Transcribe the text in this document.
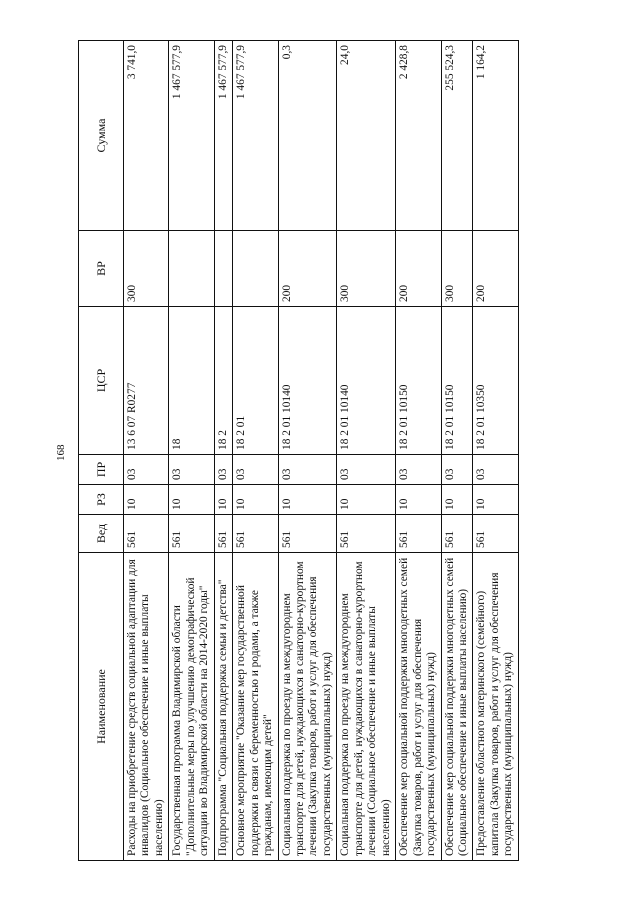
168
Наименование	Вед	РЗ	ПР	ЦСР	ВР	Сумма
Расходы на приобретение средств социальной адаптации для инвалидов (Социальное обеспечение и иные выплаты населению)	561	10	03	13 6 07 R0277	300	3 741,0
Государственная программа Владимирской области "Дополнительные меры по улучшению демографической ситуации во Владимирской области на 2014-2020 годы"	561	10	03	18		1 467 577,9
Подпрограмма "Социальная поддержка семьи и детства"	561	10	03	18 2		1 467 577,9
Основное мероприятие "Оказание мер государственной поддержки в связи с беременностью и родами, а также гражданам, имеющим детей"	561	10	03	18 2 01		1 467 577,9
Социальная поддержка по проезду на междугороднем транспорте для детей, нуждающихся в санаторно-курортном лечении (Закупка товаров, работ и услуг для обеспечения государственных (муниципальных) нужд)	561	10	03	18 2 01 10140	200	0,3
Социальная поддержка по проезду на междугороднем транспорте для детей, нуждающихся в санаторно-курортном лечении (Социальное обеспечение и иные выплаты населению)	561	10	03	18 2 01 10140	300	24,0
Обеспечение мер социальной поддержки многодетных семей (Закупка товаров, работ и услуг для обеспечения государственных (муниципальных) нужд)	561	10	03	18 2 01 10150	200	2 428,8
Обеспечение мер социальной поддержки многодетных семей (Социальное обеспечение и иные выплаты населению)	561	10	03	18 2 01 10150	300	255 524,3
Предоставление областного материнского (семейного) капитала (Закупка товаров, работ и услуг для обеспечения государственных (муниципальных) нужд)	561	10	03	18 2 01 10350	200	1 164,2
